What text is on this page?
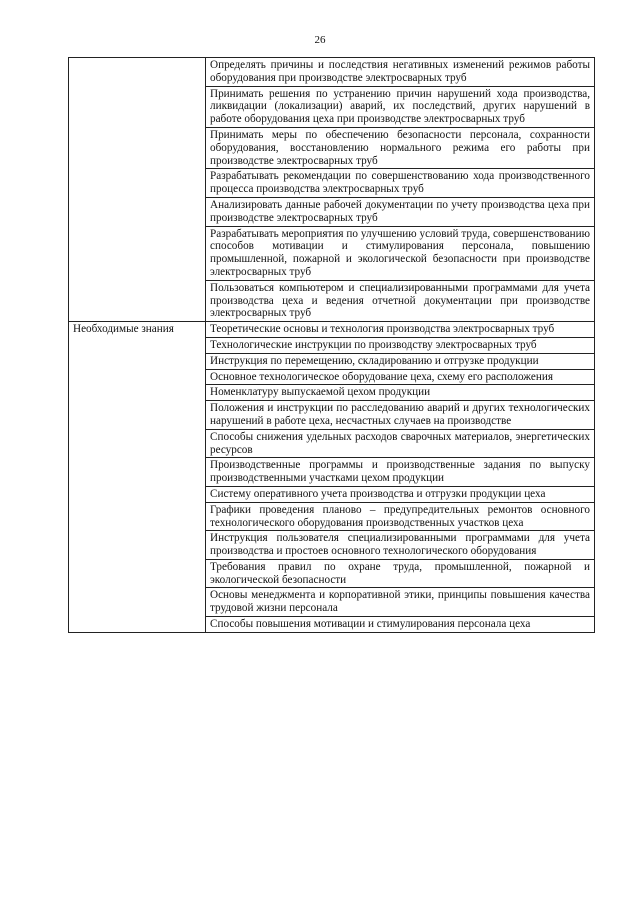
26

	Определять причины и последствия негативных изменений режимов работы оборудования при производстве электросварных труб

	Принимать решения по устранению причин нарушений хода производства, ликвидации (локализации) аварий, их последствий, других нарушений в работе оборудования цеха при производстве электросварных труб

	Принимать меры по обеспечению безопасности персонала, сохранности оборудования, восстановлению нормального режима его работы при производстве электросварных труб

	Разрабатывать рекомендации по совершенствованию хода производственного процесса производства электросварных труб

	Анализировать данные рабочей документации по учету производства цеха при производстве электросварных труб

	Разрабатывать мероприятия по улучшению условий труда, совершенствованию способов мотивации и стимулирования персонала, повышению промышленной, пожарной и экологической безопасности при производстве электросварных труб

	Пользоваться компьютером и специализированными программами для учета производства цеха и ведения отчетной документации при производстве электросварных труб

Необходимые знания	Теоретические основы и технология производства электросварных труб

	Технологические инструкции по производству электросварных труб

	Инструкция по перемещению, складированию и отгрузке продукции

	Основное технологическое оборудование цеха, схему его расположения

	Номенклатуру выпускаемой цехом продукции

	Положения и инструкции по расследованию аварий и других технологических нарушений в работе цеха, несчастных случаев на производстве

	Способы снижения удельных расходов сварочных материалов, энергетических ресурсов

	Производственные программы и производственные задания по выпуску производственными участками цехом продукции

	Систему оперативного учета производства и отгрузки продукции цеха

	Графики проведения планово – предупредительных ремонтов основного технологического оборудования производственных участков цеха

	Инструкция пользователя специализированными программами для учета производства и простоев основного технологического оборудования

	Требования правил по охране труда, промышленной, пожарной и экологической безопасности

	Основы менеджмента и корпоративной этики, принципы повышения качества трудовой жизни персонала

	Способы повышения мотивации и стимулирования персонала цеха
